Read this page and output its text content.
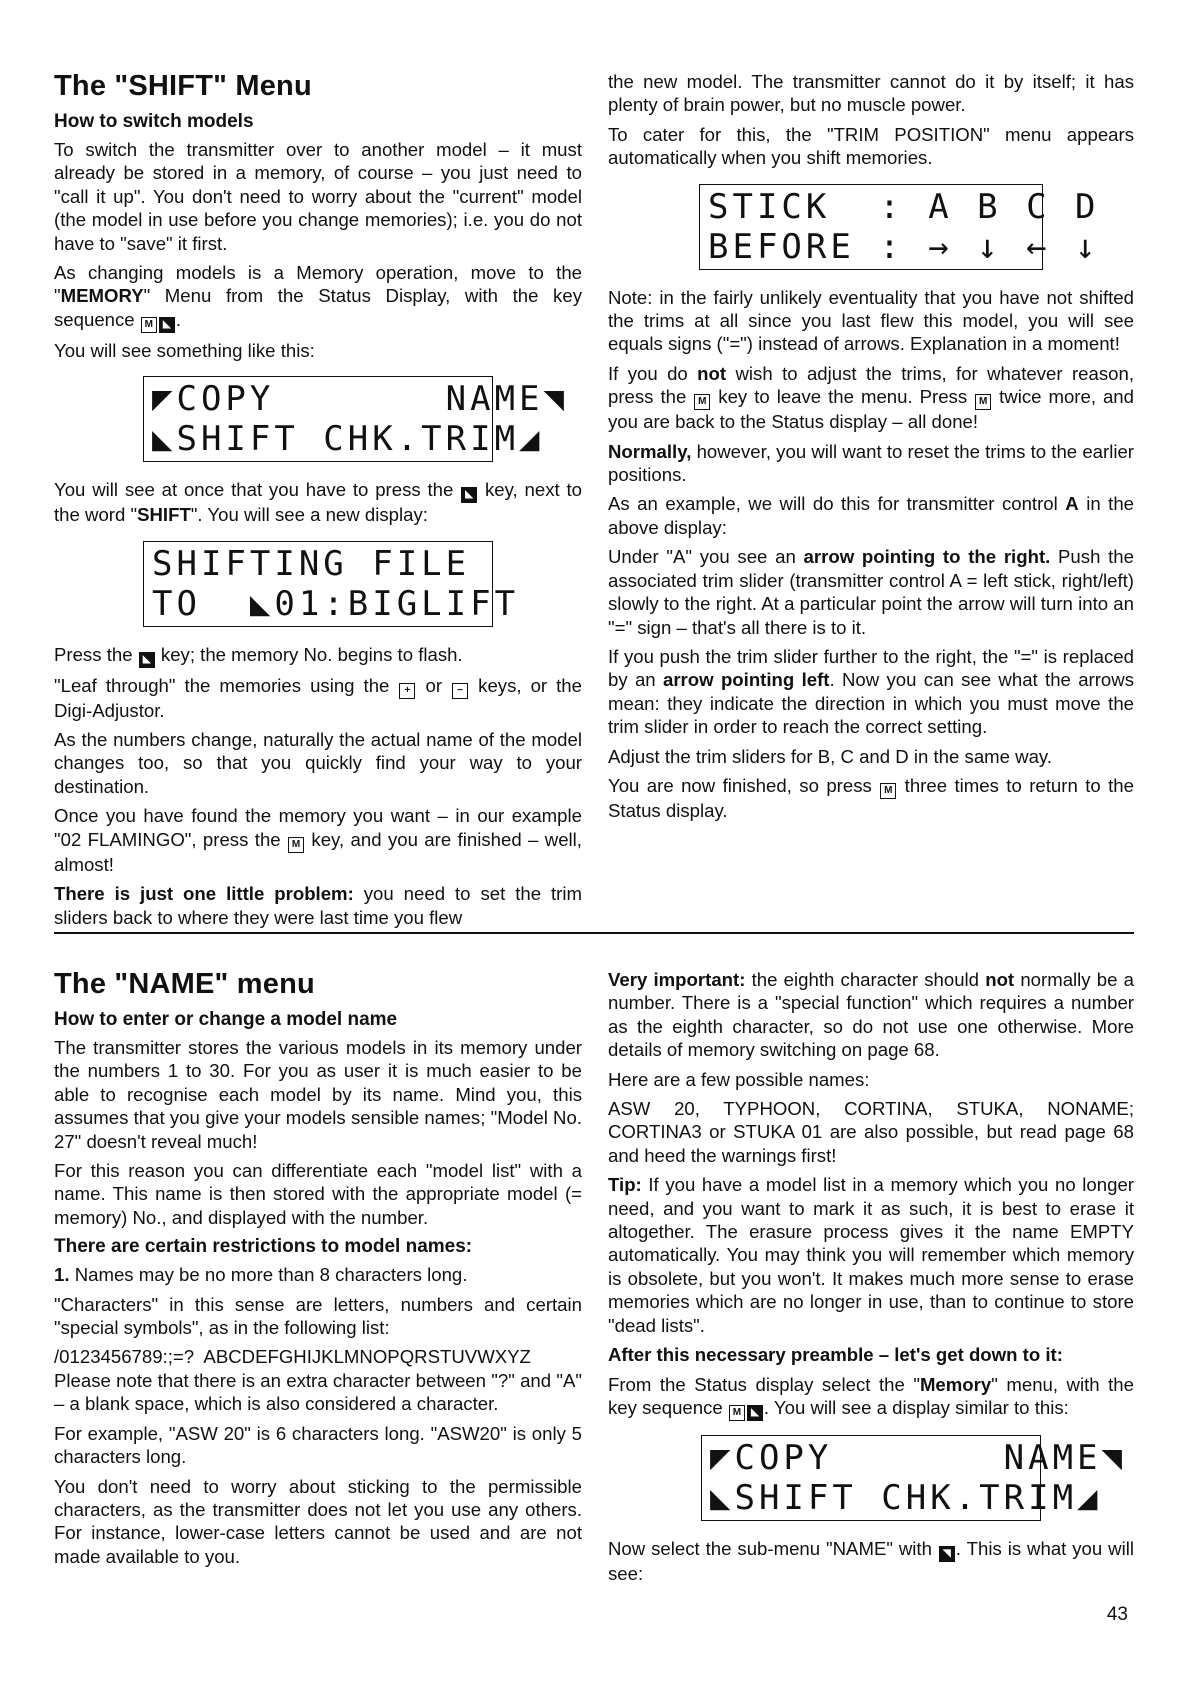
The "SHIFT" Menu
How to switch models

To switch the transmitter over to another model – it must already be stored in a memory, of course – you just need to "call it up". You don't need to worry about the "current" model (the model in use before you change memories); i.e. you do not have to "save" it first.

As changing models is a Memory operation, move to the "MEMORY" Menu from the Status Display, with the key sequence M ◣ .

You will see something like this:

◤COPY       NAME◥
◣SHIFT CHK.TRIM◢

You will see at once that you have to press the ◣ key, next to the word "SHIFT". You will see a new display:

SHIFTING FILE
TO  ◣01:BIGLIFT

Press the ◣ key; the memory No. begins to flash.

"Leaf through" the memories using the + or − keys, or the Digi-Adjustor.

As the numbers change, naturally the actual name of the model changes too, so that you quickly find your way to your destination.

Once you have found the memory you want – in our example "02 FLAMINGO", press the M key, and you are finished – well, almost!

There is just one little problem: you need to set the trim sliders back to where they were last time you flew

the new model. The transmitter cannot do it by itself; it has plenty of brain power, but no muscle power.

To cater for this, the "TRIM POSITION" menu appears automatically when you shift memories.

STICK  : A B C D
BEFORE : → ↓ ← ↓

Note: in the fairly unlikely eventuality that you have not shifted the trims at all since you last flew this model, you will see equals signs ("=") instead of arrows. Explanation in a moment!

If you do not wish to adjust the trims, for whatever reason, press the M key to leave the menu. Press M twice more, and you are back to the Status display – all done!

Normally, however, you will want to reset the trims to the earlier positions.

As an example, we will do this for transmitter control A in the above display:

Under "A" you see an arrow pointing to the right. Push the associated trim slider (transmitter control A = left stick, right/left) slowly to the right. At a particular point the arrow will turn into an "=" sign – that's all there is to it.

If you push the trim slider further to the right, the "=" is replaced by an arrow pointing left. Now you can see what the arrows mean: they indicate the direction in which you must move the trim slider in order to reach the correct setting.

Adjust the trim sliders for B, C and D in the same way.

You are now finished, so press M three times to return to the Status display.

The "NAME" menu
How to enter or change a model name

The transmitter stores the various models in its memory under the numbers 1 to 30. For you as user it is much easier to be able to recognise each model by its name. Mind you, this assumes that you give your models sensible names; "Model No. 27" doesn't reveal much!

For this reason you can differentiate each "model list" with a name. This name is then stored with the appropriate model (= memory) No., and displayed with the number.

There are certain restrictions to model names:

1. Names may be no more than 8 characters long.

"Characters" in this sense are letters, numbers and certain "special symbols", as in the following list:

/0123456789:;=?  ABCDEFGHIJKLMNOPQRSTUVWXYZ

Please note that there is an extra character between "?" and "A" – a blank space, which is also considered a character.

For example, "ASW 20" is 6 characters long. "ASW20" is only 5 characters long.

You don't need to worry about sticking to the permissible characters, as the transmitter does not let you use any others. For instance, lower-case letters cannot be used and are not made available to you.

Very important: the eighth character should not normally be a number. There is a "special function" which requires a number as the eighth character, so do not use one otherwise. More details of memory switching on page 68.

Here are a few possible names:

ASW 20, TYPHOON, CORTINA, STUKA, NONAME; CORTINA3 or STUKA 01 are also possible, but read page 68 and heed the warnings first!

Tip: If you have a model list in a memory which you no longer need, and you want to mark it as such, it is best to erase it altogether. The erasure process gives it the name EMPTY automatically. You may think you will remember which memory is obsolete, but you won't. It makes much more sense to erase memories which are no longer in use, than to continue to store "dead lists".

After this necessary preamble – let's get down to it:

From the Status display select the "Memory" menu, with the key sequence M ◣ . You will see a display similar to this:

◤COPY       NAME◥
◣SHIFT CHK.TRIM◢

Now select the sub-menu "NAME" with ◥ . This is what you will see:

43
